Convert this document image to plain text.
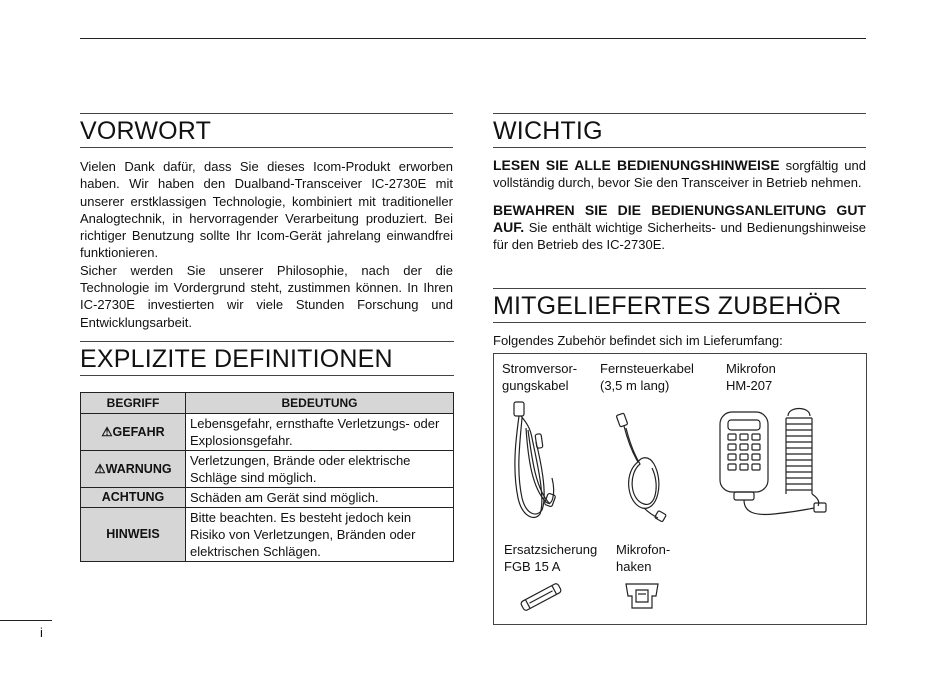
VORWORT

Vielen Dank dafür, dass Sie dieses Icom-Produkt erworben haben. Wir haben den Dualband-Transceiver IC-2730E mit unserer erstklassigen Technologie, kombiniert mit traditioneller Analogtechnik, in hervorragender Verarbeitung produziert. Bei richtiger Benutzung sollte Ihr Icom-Gerät jahrelang einwandfrei funktionieren.

Sicher werden Sie unserer Philosophie, nach der die Technologie im Vordergrund steht, zustimmen können. In Ihren IC-2730E investierten wir viele Stunden Forschung und Entwicklungsarbeit.

EXPLIZITE DEFINITIONEN
BEGRIFF	BEDEUTUNG
⚠GEFAHR	Lebensgefahr, ernsthafte Verletzungs- oder Explosionsgefahr.
⚠WARNUNG	Verletzungen, Brände oder elektrische Schläge sind möglich.
ACHTUNG	Schäden am Gerät sind möglich.
HINWEIS	Bitte beachten. Es besteht jedoch kein Risiko von Verletzungen, Bränden oder elektrischen Schlägen.
WICHTIG

LESEN SIE ALLE BEDIENUNGSHINWEISE sorgfältig und vollständig durch, bevor Sie den Transceiver in Betrieb nehmen.

BEWAHREN SIE DIE BEDIENUNGSANLEITUNG GUT AUF. Sie enthält wichtige Sicherheits- und Bedienungshinweise für den Betrieb des IC-2730E.

MITGELIEFERTES ZUBEHÖR

Folgendes Zubehör befindet sich im Lieferumfang:

Stromversor-
gungskabel
Fernsteuerkabel
(3,5 m lang)
Mikrofon
HM-207
Ersatzsicherung
FGB 15 A
Mikrofon-
haken
i
